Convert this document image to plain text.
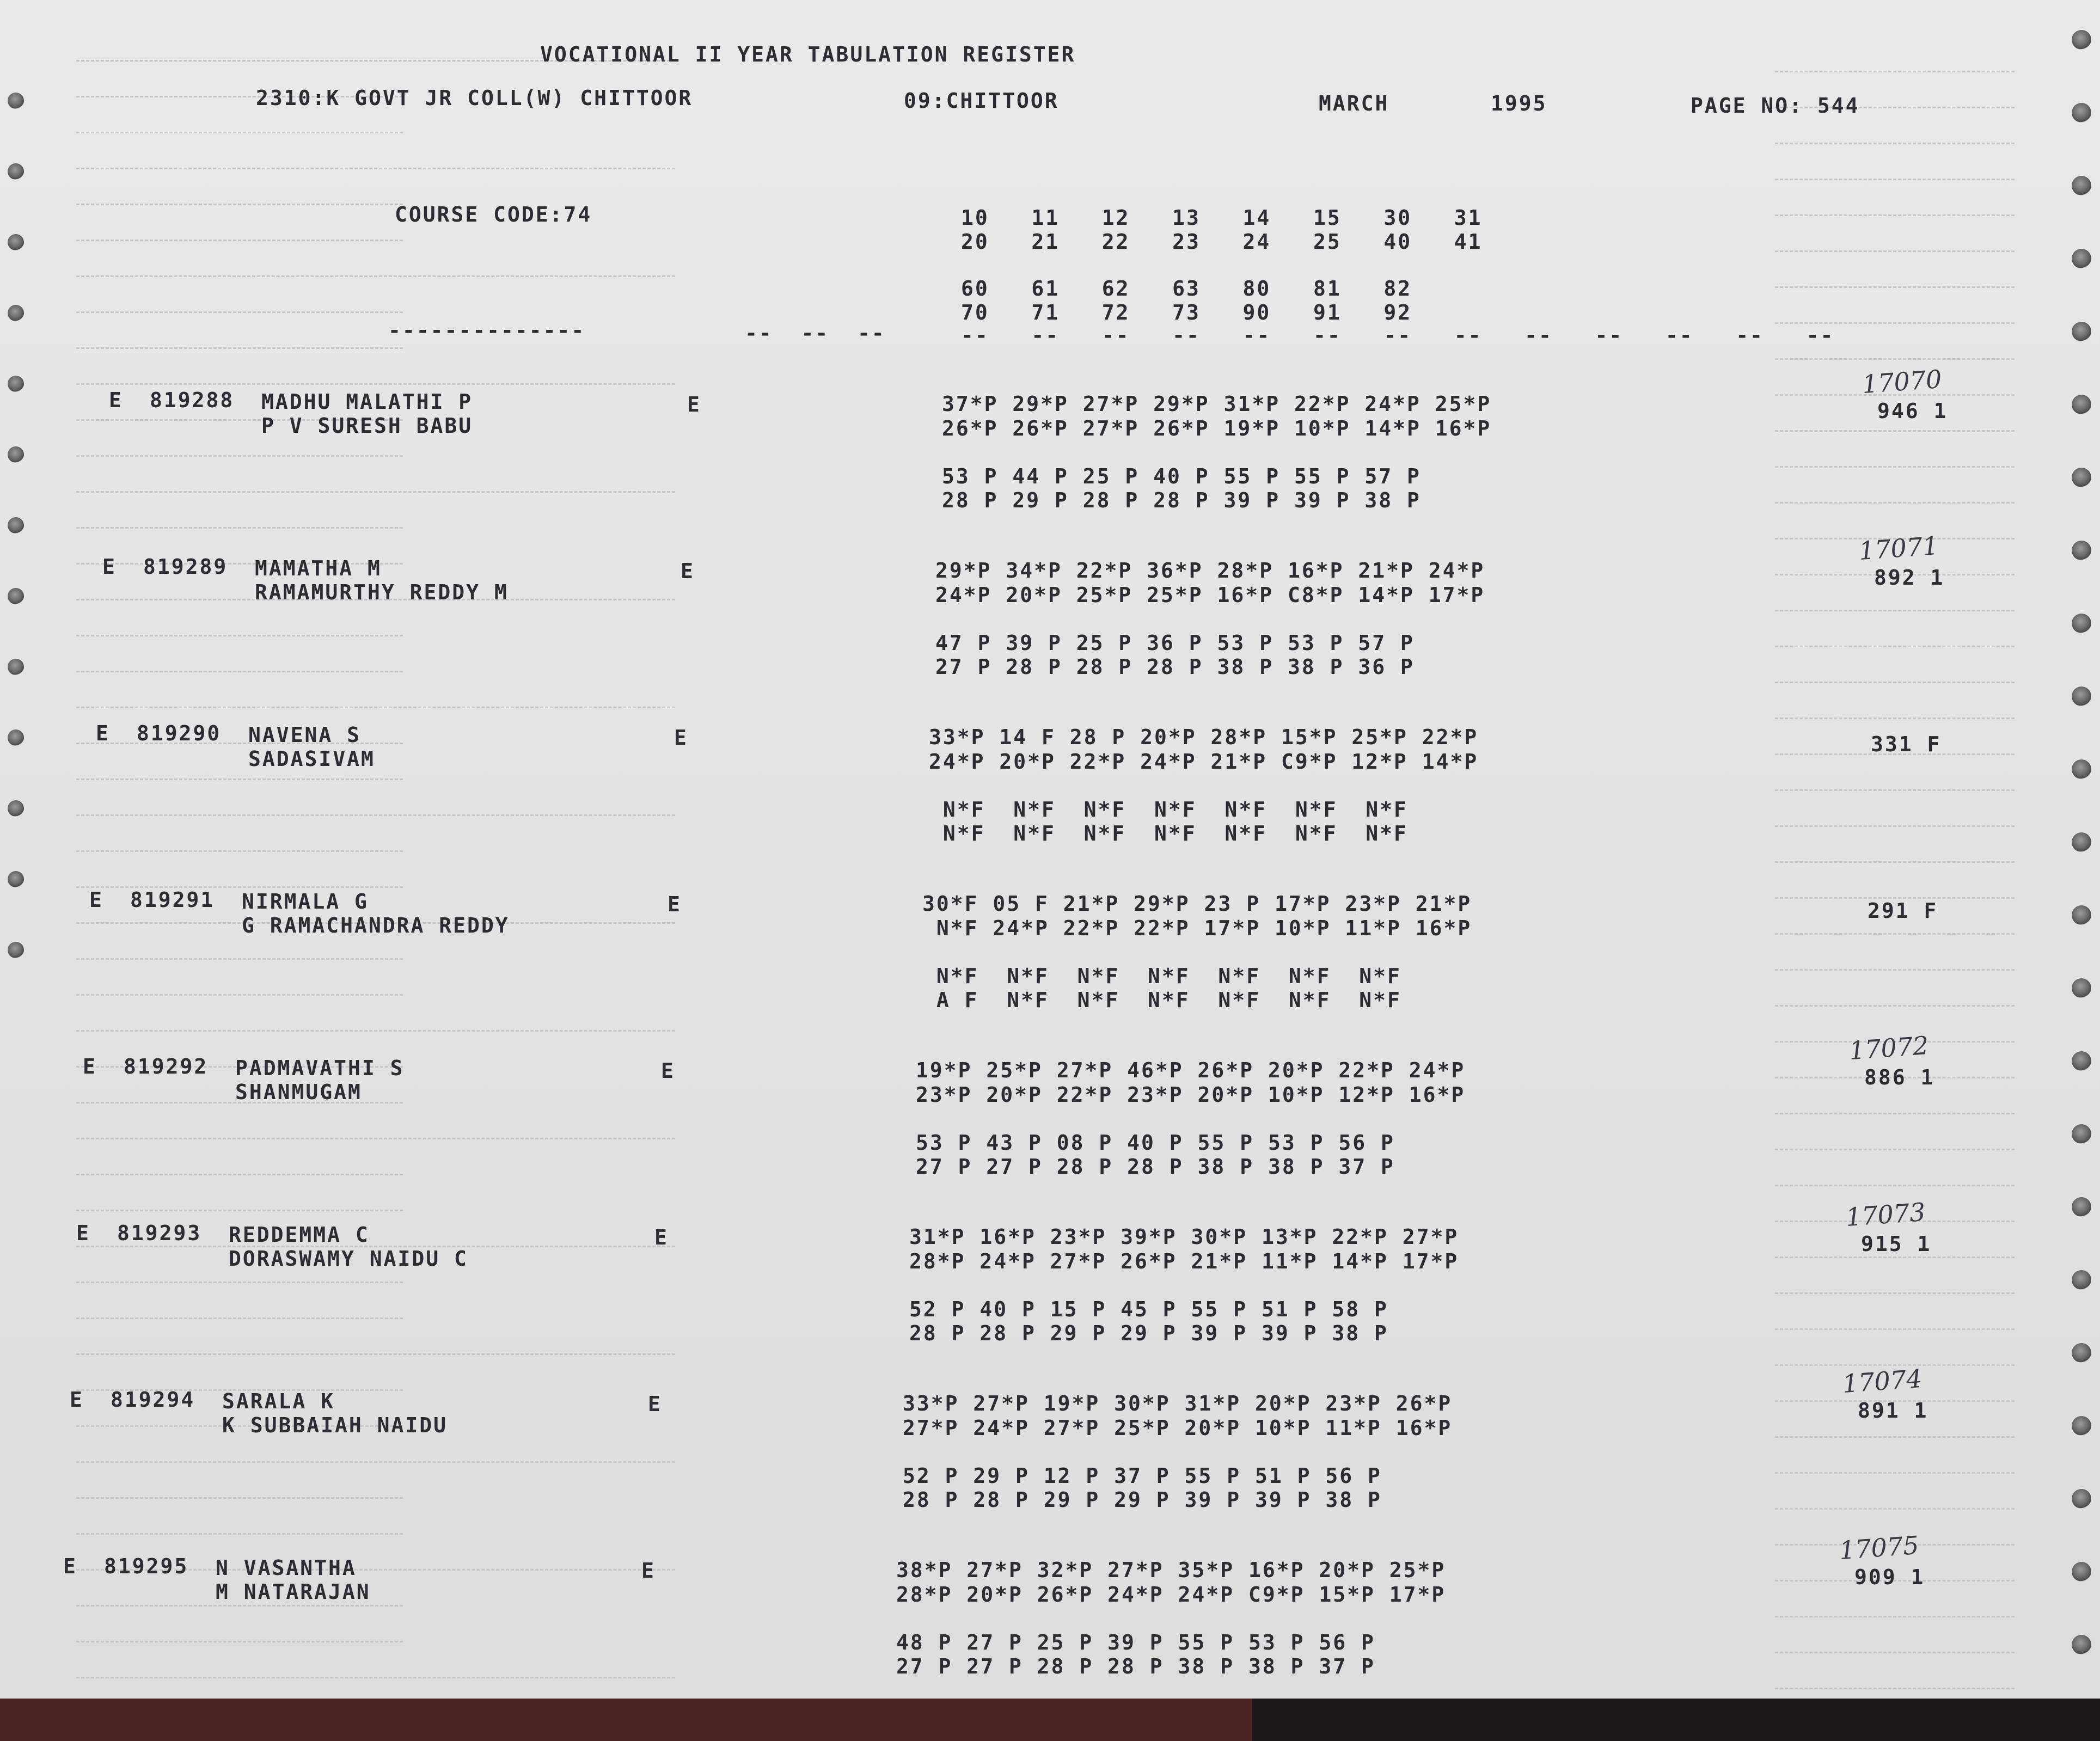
VOCATIONAL II YEAR TABULATION REGISTER
2310:K GOVT JR COLL(W) CHITTOOR	09:CHITTOOR	MARCH	1995	PAGE NO: 544
COURSE CODE:74
--------------
10   11   12   13   14   15   30   31
20   21   22   23   24   25   40   41
60   61   62   63   80   81   82
70   71   72   73   90   91   92
--  --  --	--   --   --   --   --   --   --   --   --   --   --   --   --
E 819288 MADHU MALATHI P
P V SURESH BABU
E	37*P 29*P 27*P 29*P 31*P 22*P 24*P 25*P
26*P 26*P 27*P 26*P 19*P 10*P 14*P 16*P
53 P 44 P 25 P 40 P 55 P 55 P 57 P
28 P 29 P 28 P 28 P 39 P 39 P 38 P
946 1
17070
E 819289 MAMATHA M
RAMAMURTHY REDDY M
E	29*P 34*P 22*P 36*P 28*P 16*P 21*P 24*P
24*P 20*P 25*P 25*P 16*P C8*P 14*P 17*P
47 P 39 P 25 P 36 P 53 P 53 P 57 P
27 P 28 P 28 P 28 P 38 P 38 P 36 P
892 1
17071
E 819290 NAVENA S
SADASIVAM
E	33*P 14 F 28 P 20*P 28*P 15*P 25*P 22*P
24*P 20*P 22*P 24*P 21*P C9*P 12*P 14*P
N*F  N*F  N*F  N*F  N*F  N*F  N*F
N*F  N*F  N*F  N*F  N*F  N*F  N*F
331 F
E 819291 NIRMALA G
G RAMACHANDRA REDDY
E	30*F 05 F 21*P 29*P 23 P 17*P 23*P 21*P
N*F 24*P 22*P 22*P 17*P 10*P 11*P 16*P
N*F  N*F  N*F  N*F  N*F  N*F  N*F
A F  N*F  N*F  N*F  N*F  N*F  N*F
291 F
E 819292 PADMAVATHI S
SHANMUGAM
E	19*P 25*P 27*P 46*P 26*P 20*P 22*P 24*P
23*P 20*P 22*P 23*P 20*P 10*P 12*P 16*P
53 P 43 P 08 P 40 P 55 P 53 P 56 P
27 P 27 P 28 P 28 P 38 P 38 P 37 P
886 1
17072
E 819293 REDDEMMA C
DORASWAMY NAIDU C
E	31*P 16*P 23*P 39*P 30*P 13*P 22*P 27*P
28*P 24*P 27*P 26*P 21*P 11*P 14*P 17*P
52 P 40 P 15 P 45 P 55 P 51 P 58 P
28 P 28 P 29 P 29 P 39 P 39 P 38 P
915 1
17073
E 819294 SARALA K
K SUBBAIAH NAIDU
E	33*P 27*P 19*P 30*P 31*P 20*P 23*P 26*P
27*P 24*P 27*P 25*P 20*P 10*P 11*P 16*P
52 P 29 P 12 P 37 P 55 P 51 P 56 P
28 P 28 P 29 P 29 P 39 P 39 P 38 P
891 1
17074
E 819295 N VASANTHA
M NATARAJAN
E	38*P 27*P 32*P 27*P 35*P 16*P 20*P 25*P
28*P 20*P 26*P 24*P 24*P C9*P 15*P 17*P
48 P 27 P 25 P 39 P 55 P 53 P 56 P
27 P 27 P 28 P 28 P 38 P 38 P 37 P
909 1
17075
